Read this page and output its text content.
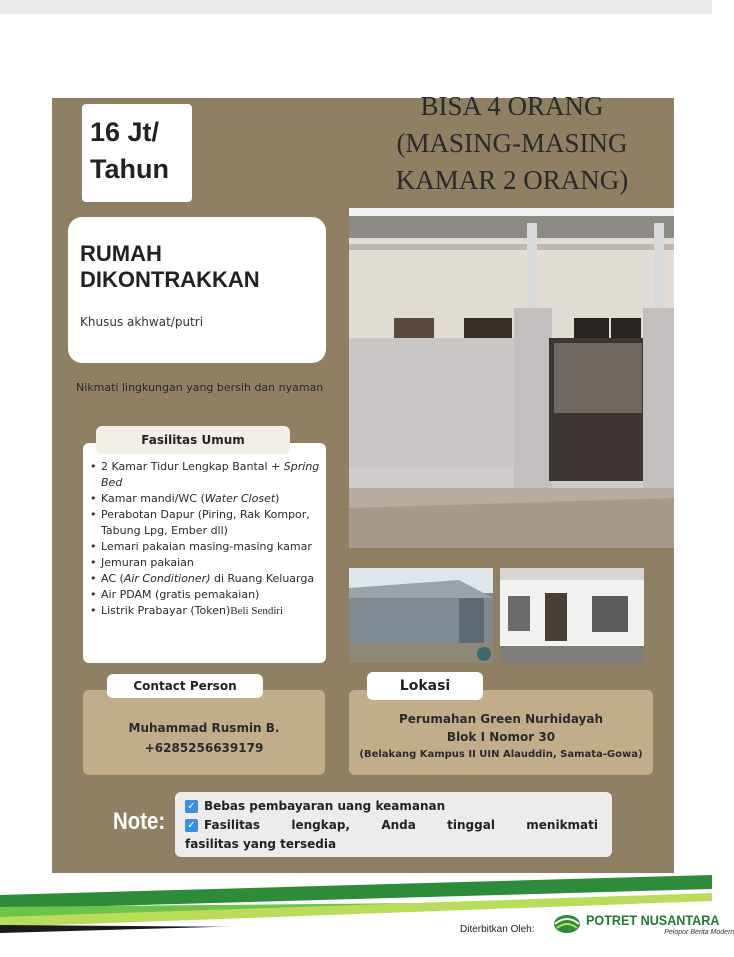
16 Jt/
Tahun
BISA 4 ORANG
(MASING-MASING
KAMAR 2 ORANG)
RUMAH
DIKONTRAKKAN
Khusus akhwat/putri
Nikmati lingkungan yang bersih dan nyaman
• 2 Kamar Tidur Lengkap Bantal + Spring Bed
• Kamar mandi/WC (Water Closet)
• Perabotan Dapur (Piring, Rak Kompor, Tabung Lpg, Ember dll)
• Lemari pakaian masing-masing kamar
• Jemuran pakaian
• AC (Air Conditioner) di Ruang Keluarga
• Air PDAM (gratis pemakaian)
• Listrik Prabayar (Token)Beli Sendiri
Fasilitas Umum
Muhammad Rusmin B.
+6285256639179
Contact Person
Perumahan Green Nurhidayah
Blok I Nomor 30
(Belakang Kampus II UIN Alauddin, Samata-Gowa)
Lokasi
Note:
✓ Bebas pembayaran uang keamanan
✓ Fasilitas lengkap, Anda tinggal menikmati
fasilitas yang tersedia
Diterbitkan Oleh:
POTRET NUSANTARA
Pelopor Berita Modern
